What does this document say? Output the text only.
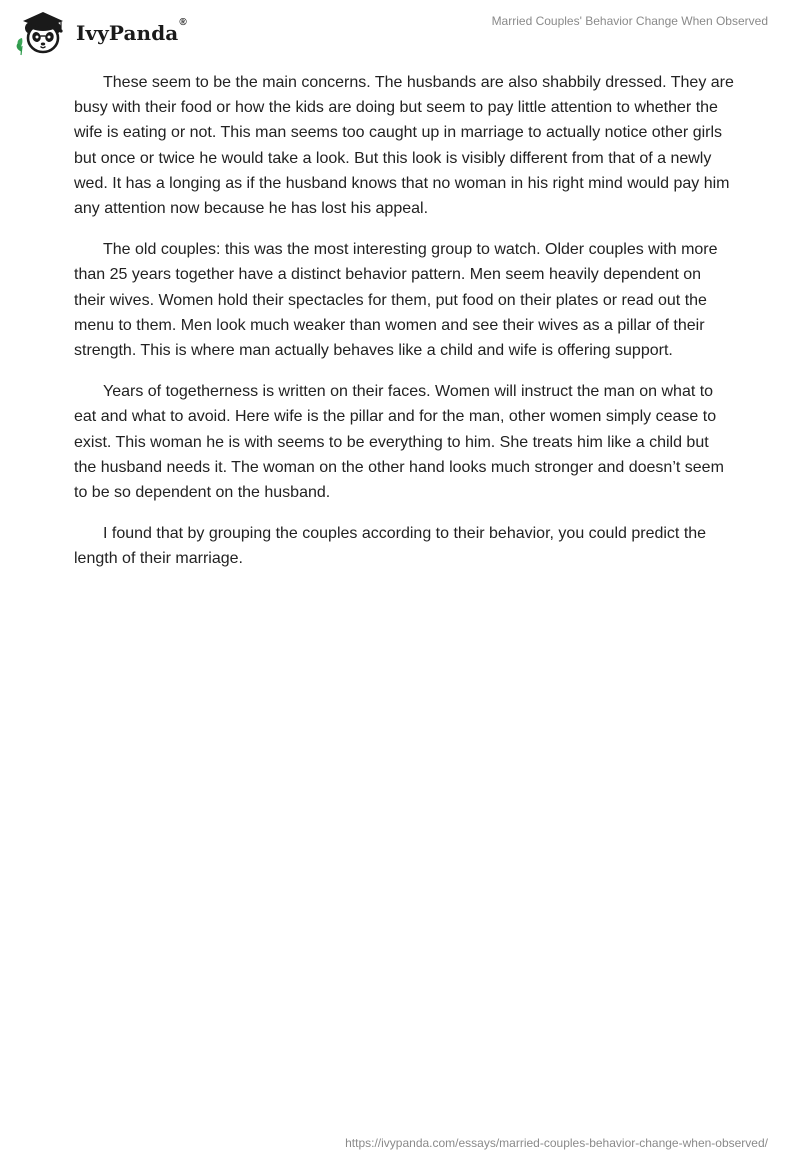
IvyPanda®	Married Couples' Behavior Change When Observed

These seem to be the main concerns. The husbands are also shabbily dressed. They are busy with their food or how the kids are doing but seem to pay little attention to whether the wife is eating or not. This man seems too caught up in marriage to actually notice other girls but once or twice he would take a look. But this look is visibly different from that of a newly wed. It has a longing as if the husband knows that no woman in his right mind would pay him any attention now because he has lost his appeal.

The old couples: this was the most interesting group to watch. Older couples with more than 25 years together have a distinct behavior pattern. Men seem heavily dependent on their wives. Women hold their spectacles for them, put food on their plates or read out the menu to them. Men look much weaker than women and see their wives as a pillar of their strength. This is where man actually behaves like a child and wife is offering support.

Years of togetherness is written on their faces. Women will instruct the man on what to eat and what to avoid. Here wife is the pillar and for the man, other women simply cease to exist. This woman he is with seems to be everything to him. She treats him like a child but the husband needs it. The woman on the other hand looks much stronger and doesn’t seem to be so dependent on the husband.

I found that by grouping the couples according to their behavior, you could predict the length of their marriage.

https://ivypanda.com/essays/married-couples-behavior-change-when-observed/
